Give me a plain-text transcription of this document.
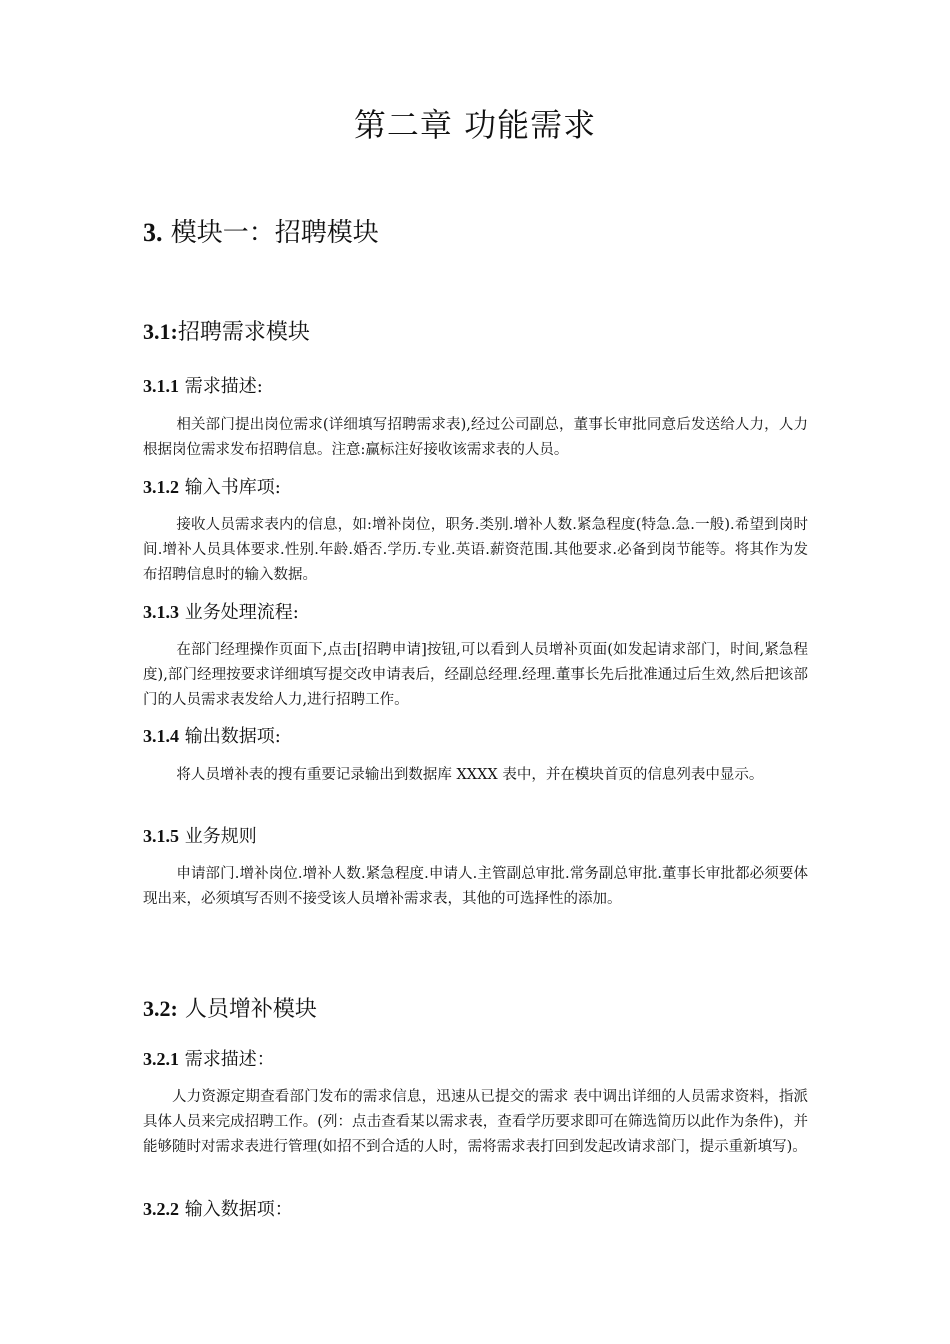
第二章 功能需求
3. 模块一：招聘模块
3.1:招聘需求模块
3.1.1 需求描述:

相关部门提出岗位需求(详细填写招聘需求表),经过公司副总，董事长审批同意后发送给人力，人力根据岗位需求发布招聘信息。注意:赢标注好接收该需求表的人员。

3.1.2 输入书库项:

接收人员需求表内的信息，如:增补岗位，职务.类别.增补人数.紧急程度(特急.急.一般).希望到岗时间.增补人员具体要求.性别.年龄.婚否.学历.专业.英语.薪资范围.其他要求.必备到岗节能等。将其作为发布招聘信息时的输入数据。

3.1.3 业务处理流程:

在部门经理操作页面下,点击[招聘申请]按钮,可以看到人员增补页面(如发起请求部门，时间,紧急程度),部门经理按要求详细填写提交改申请表后，经副总经理.经理.董事长先后批准通过后生效,然后把该部门的人员需求表发给人力,进行招聘工作。

3.1.4 输出数据项:

将人员增补表的搜有重要记录输出到数据库 XXXX 表中，并在模块首页的信息列表中显示。

3.1.5 业务规则

申请部门.增补岗位.增补人数.紧急程度.申请人.主管副总审批.常务副总审批.董事长审批都必须要体现出来，必须填写否则不接受该人员增补需求表，其他的可选择性的添加。

3.2: 人员增补模块
3.2.1 需求描述：

人力资源定期查看部门发布的需求信息，迅速从已提交的需求 表中调出详细的人员需求资料，指派具体人员来完成招聘工作。(列：点击查看某以需求表，查看学历要求即可在筛选简历以此作为条件)，并能够随时对需求表进行管理(如招不到合适的人时，需将需求表打回到发起改请求部门，提示重新填写)。

3.2.2 输入数据项：
